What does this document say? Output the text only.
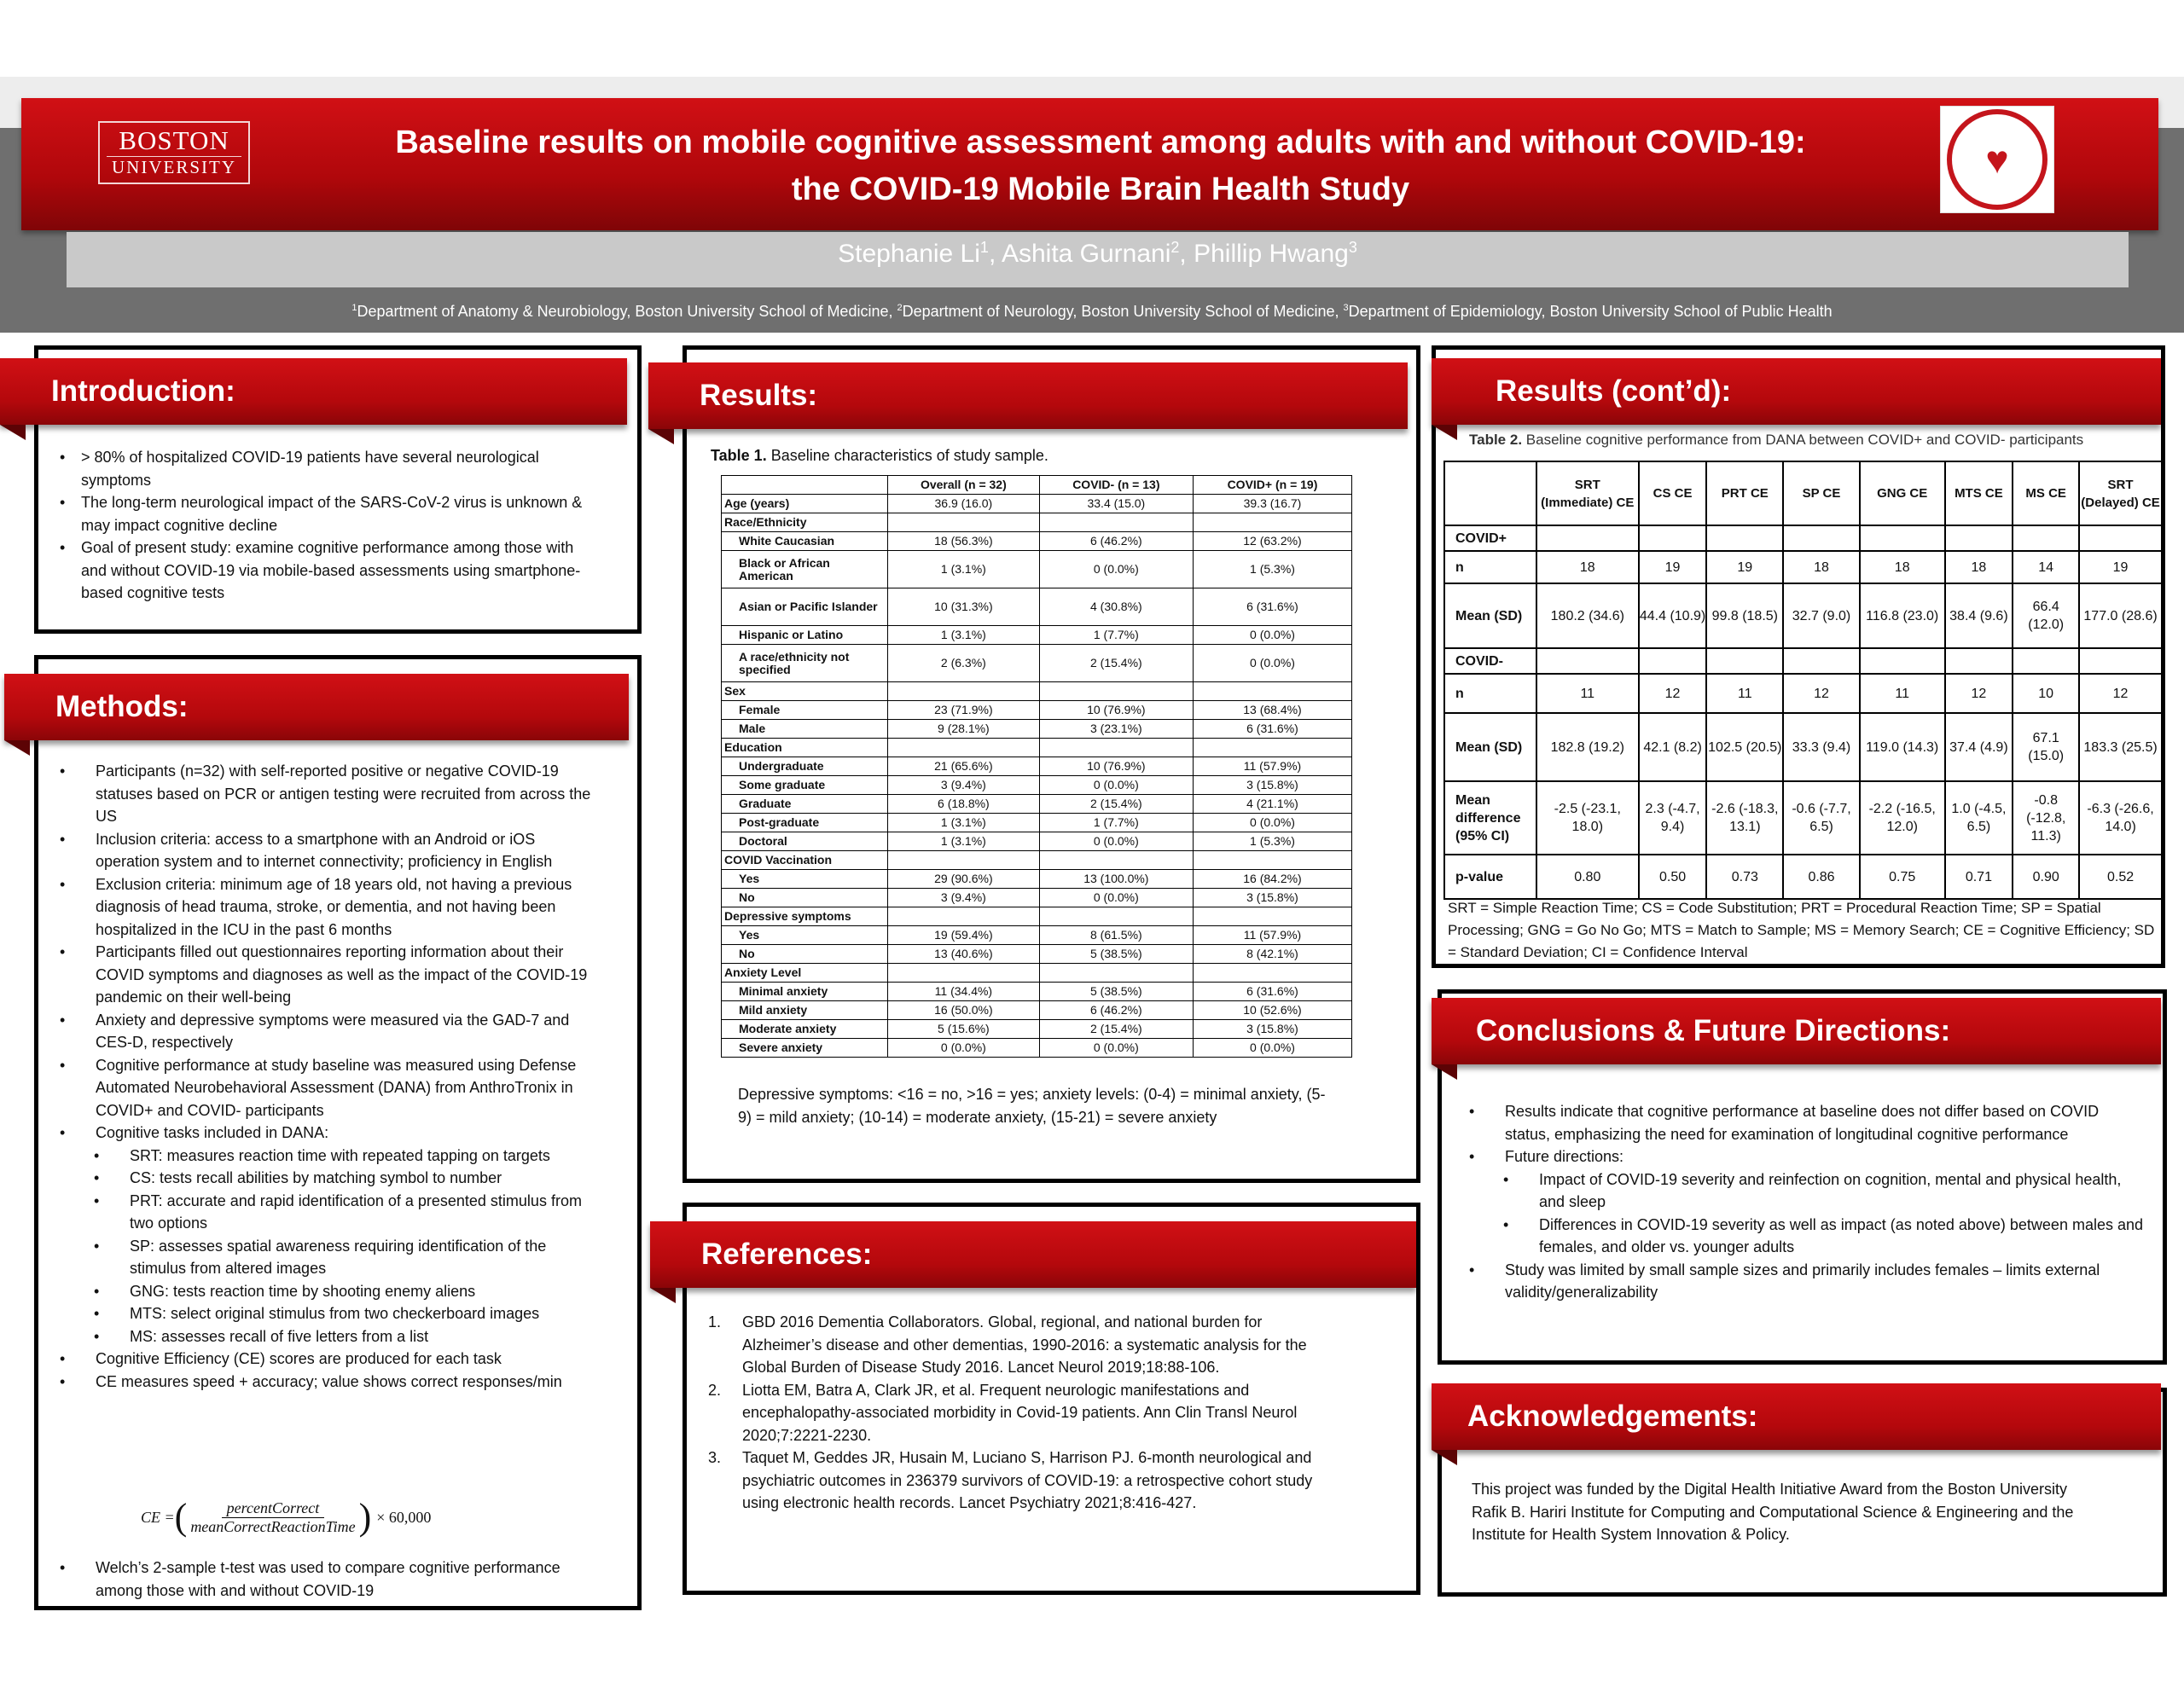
BOSTON
UNIVERSITY
Baseline results on mobile cognitive assessment among adults with and without COVID-19:
the COVID-19 Mobile Brain Health Study
♥
Stephanie Li$^1$, Ashita Gurnani$^2$, Phillip Hwang$^3$
$^1$Department of Anatomy & Neurobiology, Boston University School of Medicine, $^2$Department of Neurology, Boston University School of Medicine, $^3$Department of Epidemiology, Boston University School of Public Health
Introduction:
• > 80% of hospitalized COVID-19 patients have several neurological symptoms
• The long-term neurological impact of the SARS-CoV-2 virus is unknown & may impact cognitive decline
• Goal of present study: examine cognitive performance among those with and without COVID-19 via mobile-based assessments using smartphone-based cognitive tests
Methods:
• Participants (n=32) with self-reported positive or negative COVID-19 statuses based on PCR or antigen testing were recruited from across the US
• Inclusion criteria: access to a smartphone with an Android or iOS operation system and to internet connectivity; proficiency in English
• Exclusion criteria: minimum age of 18 years old, not having a previous diagnosis of head trauma, stroke, or dementia, and not having been hospitalized in the ICU in the past 6 months
• Participants filled out questionnaires reporting information about their COVID symptoms and diagnoses as well as the impact of the COVID-19 pandemic on their well-being
• Anxiety and depressive symptoms were measured via the GAD-7 and CES-D, respectively
• Cognitive performance at study baseline was measured using Defense Automated Neurobehavioral Assessment (DANA) from AnthroTronix in COVID+ and COVID- participants
• Cognitive tasks included in DANA:
• SRT: measures reaction time with repeated tapping on targets
• CS: tests recall abilities by matching symbol to number
• PRT: accurate and rapid identification of a presented stimulus from two options
• SP: assesses spatial awareness requiring identification of the stimulus from altered images
• GNG: tests reaction time by shooting enemy aliens
• MTS: select original stimulus from two checkerboard images
• MS: assesses recall of five letters from a list
• Cognitive Efficiency (CE) scores are produced for each task
• CE measures speed + accuracy; value shows correct responses/min
CE = ( $\frac{\text{percentCorrect}}{\text{meanCorrectReactionTime}}$ ) × 60,000
• Welch’s 2-sample t-test was used to compare cognitive performance among those with and without COVID-19
Results:
Table 1. Baseline characteristics of study sample.
	Overall (n = 32)	COVID- (n = 13)	COVID+ (n = 19)
Age (years)	36.9 (16.0)	33.4 (15.0)	39.3 (16.7)
Race/Ethnicity			
White Caucasian	18 (56.3%)	6 (46.2%)	12 (63.2%)
Black or African American	1 (3.1%)	0 (0.0%)	1 (5.3%)
Asian or Pacific Islander	10 (31.3%)	4 (30.8%)	6 (31.6%)
Hispanic or Latino	1 (3.1%)	1 (7.7%)	0 (0.0%)
A race/ethnicity not specified	2 (6.3%)	2 (15.4%)	0 (0.0%)
Sex			
Female	23 (71.9%)	10 (76.9%)	13 (68.4%)
Male	9 (28.1%)	3 (23.1%)	6 (31.6%)
Education			
Undergraduate	21 (65.6%)	10 (76.9%)	11 (57.9%)
Some graduate	3 (9.4%)	0 (0.0%)	3 (15.8%)
Graduate	6 (18.8%)	2 (15.4%)	4 (21.1%)
Post-graduate	1 (3.1%)	1 (7.7%)	0 (0.0%)
Doctoral	1 (3.1%)	0 (0.0%)	1 (5.3%)
COVID Vaccination			
Yes	29 (90.6%)	13 (100.0%)	16 (84.2%)
No	3 (9.4%)	0 (0.0%)	3 (15.8%)
Depressive symptoms			
Yes	19 (59.4%)	8 (61.5%)	11 (57.9%)
No	13 (40.6%)	5 (38.5%)	8 (42.1%)
Anxiety Level			
Minimal anxiety	11 (34.4%)	5 (38.5%)	6 (31.6%)
Mild anxiety	16 (50.0%)	6 (46.2%)	10 (52.6%)
Moderate anxiety	5 (15.6%)	2 (15.4%)	3 (15.8%)
Severe anxiety	0 (0.0%)	0 (0.0%)	0 (0.0%)
Depressive symptoms: <16 = no, >16 = yes; anxiety levels: (0-4) = minimal anxiety, (5-9) = mild anxiety; (10-14) = moderate anxiety, (15-21) = severe anxiety
References:
1. GBD 2016 Dementia Collaborators. Global, regional, and national burden for Alzheimer’s disease and other dementias, 1990-2016: a systematic analysis for the Global Burden of Disease Study 2016. Lancet Neurol 2019;18:88-106.
2. Liotta EM, Batra A, Clark JR, et al. Frequent neurologic manifestations and encephalopathy-associated morbidity in Covid-19 patients. Ann Clin Transl Neurol 2020;7:2221-2230.
3. Taquet M, Geddes JR, Husain M, Luciano S, Harrison PJ. 6-month neurological and psychiatric outcomes in 236379 survivors of COVID-19: a retrospective cohort study using electronic health records. Lancet Psychiatry 2021;8:416-427.
Results (cont’d):
Table 2. Baseline cognitive performance from DANA between COVID+ and COVID- participants
	SRT (Immediate) CE	CS CE	PRT CE	SP CE	GNG CE	MTS CE	MS CE	SRT (Delayed) CE
COVID+								
n	18	19	19	18	18	18	14	19
Mean (SD)	180.2 (34.6)	44.4 (10.9)	99.8 (18.5)	32.7 (9.0)	116.8 (23.0)	38.4 (9.6)	66.4 (12.0)	177.0 (28.6)
COVID-								
n	11	12	11	12	11	12	10	12
Mean (SD)	182.8 (19.2)	42.1 (8.2)	102.5 (20.5)	33.3 (9.4)	119.0 (14.3)	37.4 (4.9)	67.1 (15.0)	183.3 (25.5)
Mean difference (95% CI)	-2.5 (-23.1, 18.0)	2.3 (-4.7, 9.4)	-2.6 (-18.3, 13.1)	-0.6 (-7.7, 6.5)	-2.2 (-16.5, 12.0)	1.0 (-4.5, 6.5)	-0.8 (-12.8, 11.3)	-6.3 (-26.6, 14.0)
p-value	0.80	0.50	0.73	0.86	0.75	0.71	0.90	0.52
SRT = Simple Reaction Time; CS = Code Substitution; PRT = Procedural Reaction Time; SP = Spatial Processing; GNG = Go No Go; MTS = Match to Sample; MS = Memory Search; CE = Cognitive Efficiency; SD = Standard Deviation; CI = Confidence Interval
Conclusions & Future Directions:
• Results indicate that cognitive performance at baseline does not differ based on COVID status, emphasizing the need for examination of longitudinal cognitive performance
• Future directions:
• Impact of COVID-19 severity and reinfection on cognition, mental and physical health, and sleep
• Differences in COVID-19 severity as well as impact (as noted above) between males and females, and older vs. younger adults
• Study was limited by small sample sizes and primarily includes females – limits external validity/generalizability
Acknowledgements:
This project was funded by the Digital Health Initiative Award from the Boston University Rafik B. Hariri Institute for Computing and Computational Science & Engineering and the Institute for Health System Innovation & Policy.
